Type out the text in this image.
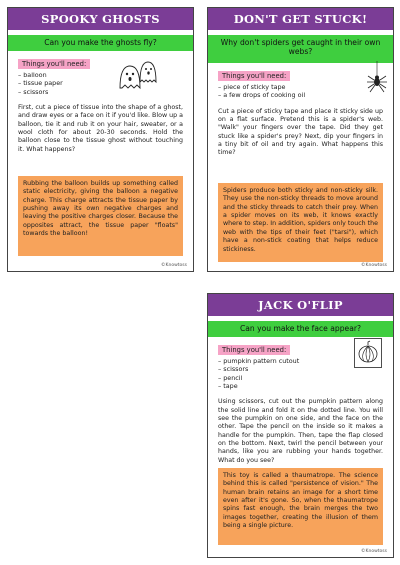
SPOOKY GHOSTS
Can you make the ghosts fly?
Things you'll need:
– balloon
– tissue paper
– scissors
First, cut a piece of tissue into the shape of a ghost, and draw eyes or a face on it if you'd like. Blow up a balloon, tie it and rub it on your hair, sweater, or a wool cloth for about 20-30 seconds. Hold the balloon close to the tissue ghost without touching it. What happens?
Rubbing the balloon builds up something called static electricity, giving the balloon a negative charge. This charge attracts the tissue paper by pushing away its own negative charges and leaving the positive charges closer. Because the opposites attract, the tissue paper "floats" towards the balloon!
©Knowtoss
DON'T GET STUCK!
Why don't spiders get caught in their own webs?
Things you'll need:
– piece of sticky tape
– a few drops of cooking oil
Cut a piece of sticky tape and place it sticky side up on a flat surface. Pretend this is a spider's web. "Walk" your fingers over the tape. Did they get stuck like a spider's prey? Next, dip your fingers in a tiny bit of oil and try again. What happens this time?
Spiders produce both sticky and non-sticky silk. They use the non-sticky threads to move around and the sticky threads to catch their prey. When a spider moves on its web, it knows exactly where to step. In addition, spiders only touch the web with the tips of their feet ("tarsi"), which have a non-stick coating that helps reduce stickiness.
©Knowtoss
JACK O'FLIP
Can you make the face appear?
Things you'll need:
– pumpkin pattern cutout
– scissors
– pencil
– tape
Using scissors, cut out the pumpkin pattern along the solid line and fold it on the dotted line. You will see the pumpkin on one side, and the face on the other. Tape the pencil on the inside so it makes a handle for the pumpkin. Then, tape the flap closed on the bottom. Next, twirl the pencil between your hands, like you are rubbing your hands together. What do you see?
This toy is called a thaumatrope. The science behind this is called "persistence of vision." The human brain retains an image for a short time even after it's gone. So, when the thaumatrope spins fast enough, the brain merges the two images together, creating the illusion of them being a single picture.
©Knowtoss
